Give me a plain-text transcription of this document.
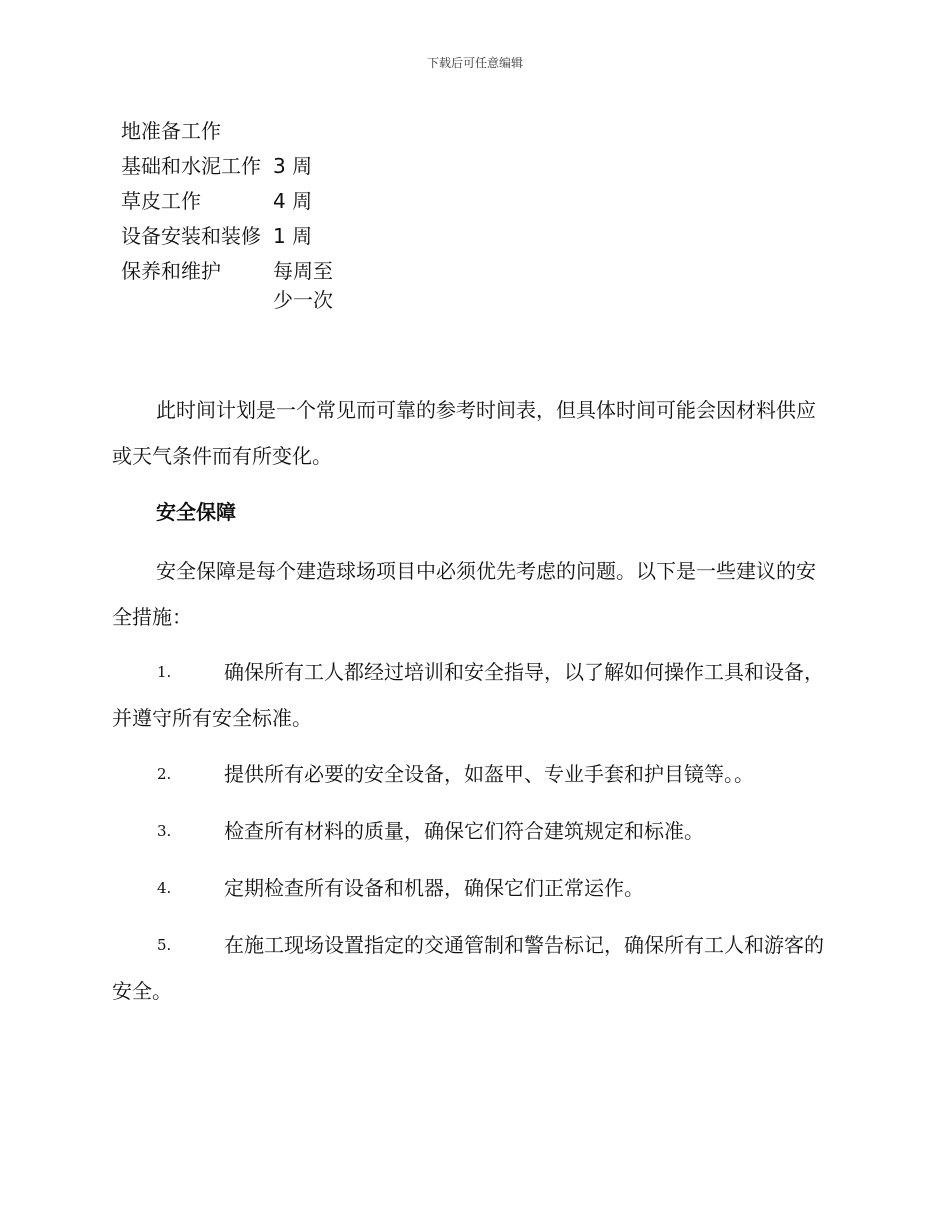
下载后可任意编辑
地准备工作
基础和水泥工作 3 周
草皮工作	4 周
设备安装和装修 1 周
保养和维护	每周至少一次
此时间计划是一个常见而可靠的参考时间表，但具体时间可能会因材料供应或天气条件而有所变化。
安全保障
安全保障是每个建造球场项目中必须优先考虑的问题。以下是一些建议的安全措施：
1.	确保所有工人都经过培训和安全指导，以了解如何操作工具和设备，并遵守所有安全标准。
2.	提供所有必要的安全设备，如盔甲、专业手套和护目镜等。。
3.	检查所有材料的质量，确保它们符合建筑规定和标准。
4.	定期检查所有设备和机器，确保它们正常运作。
5.	在施工现场设置指定的交通管制和警告标记，确保所有工人和游客的安全。
